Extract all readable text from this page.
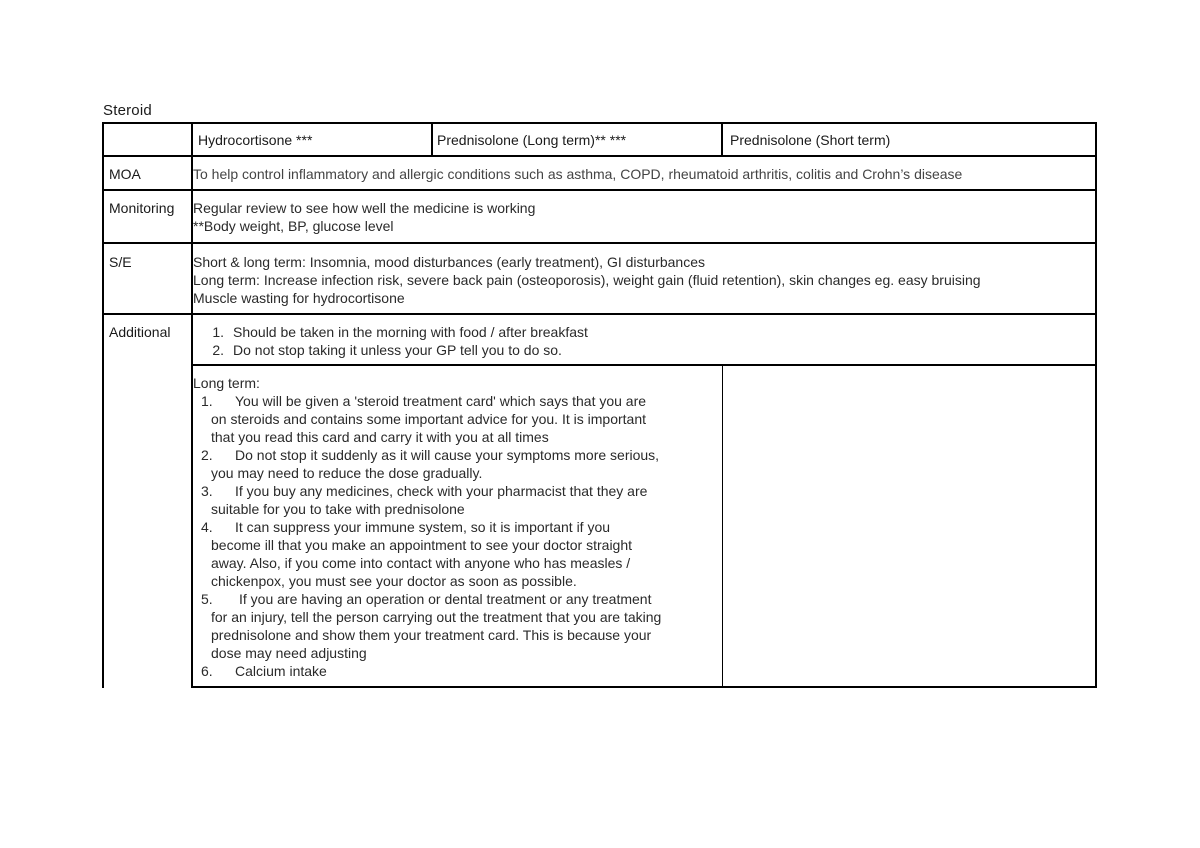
Steroid
Hydrocortisone ***	Prednisolone (Long term)** ***	Prednisolone (Short term)
MOA	To help control inflammatory and allergic conditions such as asthma, COPD, rheumatoid arthritis, colitis and Crohn’s disease
Monitoring Regular review to see how well the medicine is working
**Body weight, BP, glucose level
S/E	Short & long term: Insomnia, mood disturbances (early treatment), GI disturbances
Long term: Increase infection risk, severe back pain (osteoporosis), weight gain (fluid retention), skin changes eg. easy bruising
Muscle wasting for hydrocortisone
Additional	1. Should be taken in the morning with food / after breakfast
2. Do not stop taking it unless your GP tell you to do so.
Long term:
1. You will be given a 'steroid treatment card' which says that you are
on steroids and contains some important advice for you. It is important
that you read this card and carry it with you at all times
2. Do not stop it suddenly as it will cause your symptoms more serious,
you may need to reduce the dose gradually.
3. If you buy any medicines, check with your pharmacist that they are
suitable for you to take with prednisolone
4. It can suppress your immune system, so it is important if you
become ill that you make an appointment to see your doctor straight
away. Also, if you come into contact with anyone who has measles /
chickenpox, you must see your doctor as soon as possible.
5. If you are having an operation or dental treatment or any treatment
for an injury, tell the person carrying out the treatment that you are taking
prednisolone and show them your treatment card. This is because your
dose may need adjusting
6. Calcium intake
